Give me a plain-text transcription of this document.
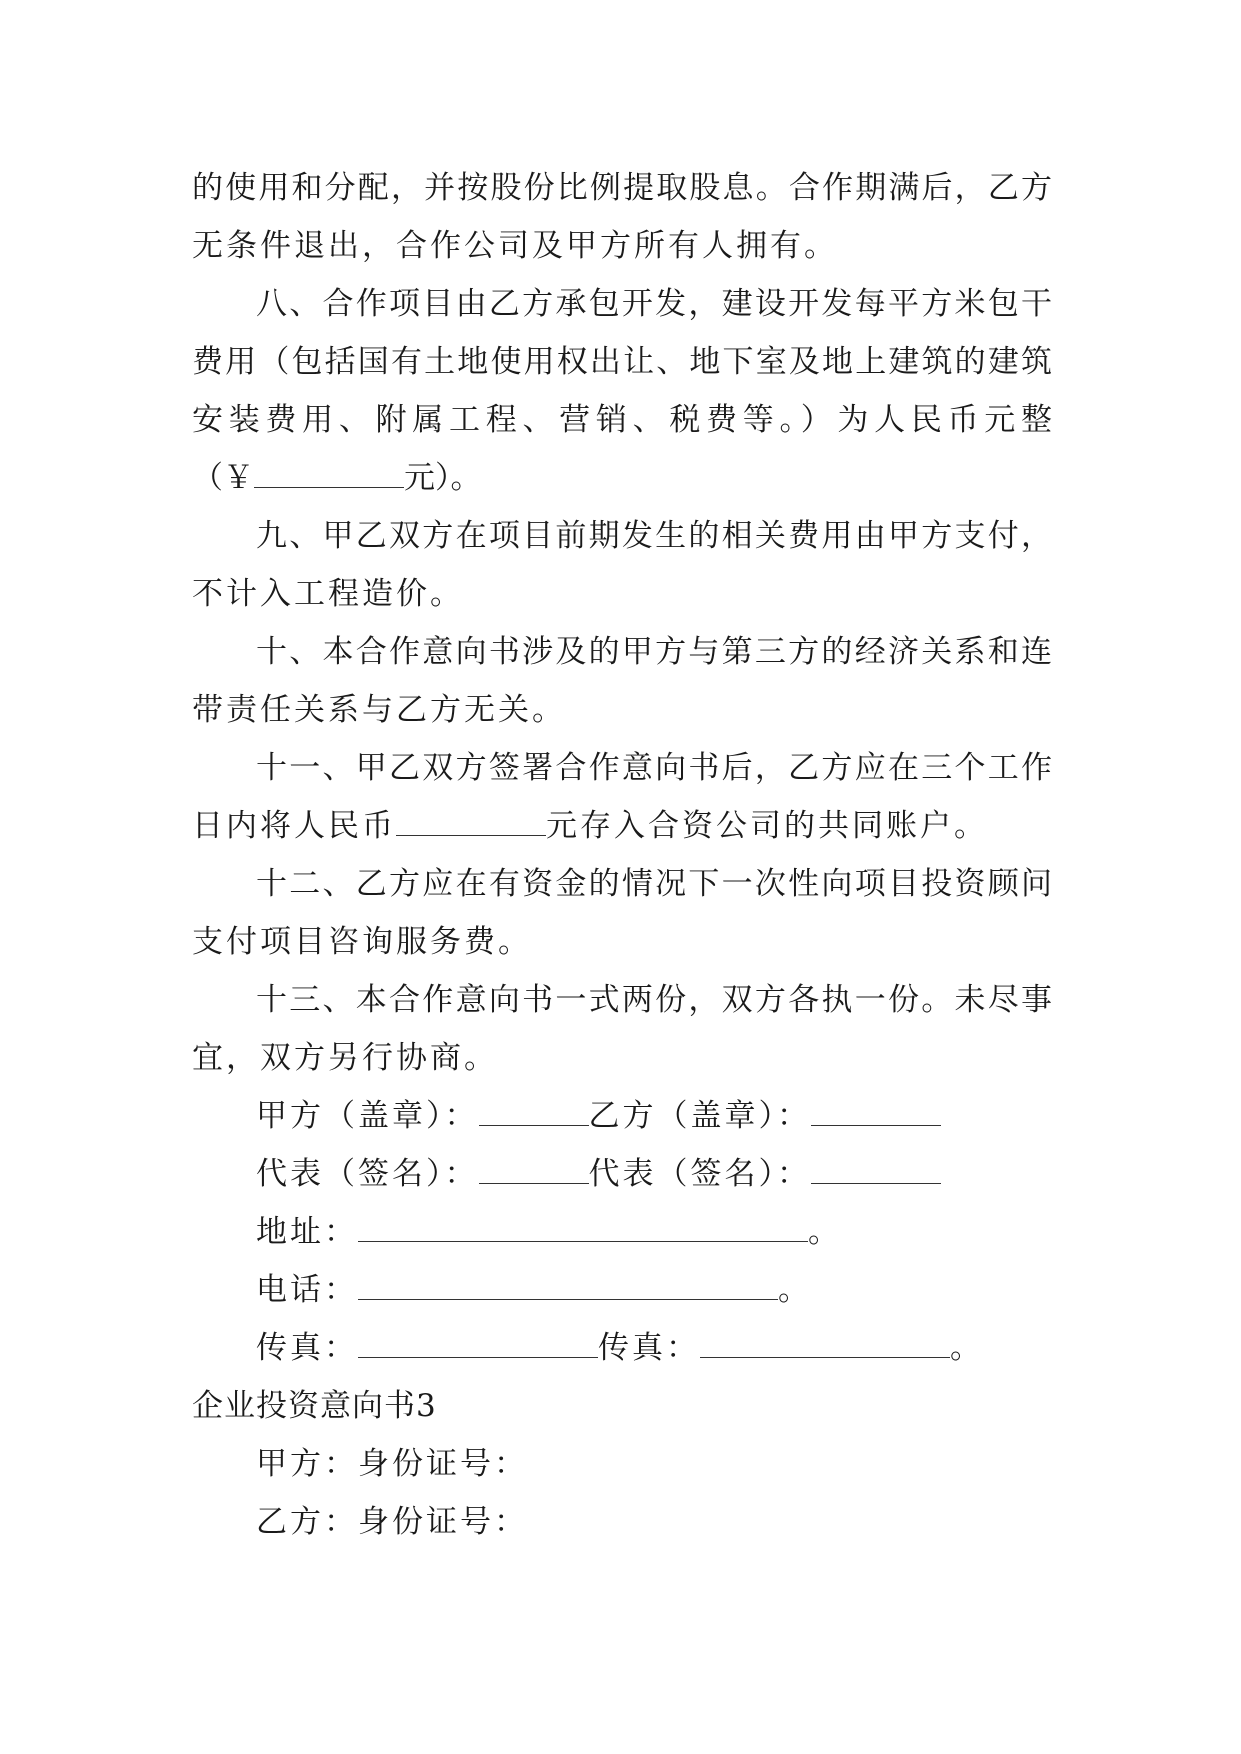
的使用和分配，并按股份比例提取股息。合作期满后，乙方
无条件退出，合作公司及甲方所有人拥有。
八、合作项目由乙方承包开发，建设开发每平方米包干
费用（包括国有土地使用权出让、地下室及地上建筑的建筑
安装费用、附属工程、营销、税费等。）为人民币元整
（￥	元）。
九、甲乙双方在项目前期发生的相关费用由甲方支付，
不计入工程造价。
十、本合作意向书涉及的甲方与第三方的经济关系和连
带责任关系与乙方无关。
十一、甲乙双方签署合作意向书后，乙方应在三个工作
日内将人民币	元存入合资公司的共同账户。
十二、乙方应在有资金的情况下一次性向项目投资顾问
支付项目咨询服务费。
十三、本合作意向书一式两份，双方各执一份。未尽事
宜，双方另行协商。
甲方（盖章）：	乙方（盖章）：
代表（签名）：	代表（签名）：
地址：	。
电话：	。
传真：	传真：	。
企业投资意向书3
甲方：身份证号：
乙方：身份证号：
